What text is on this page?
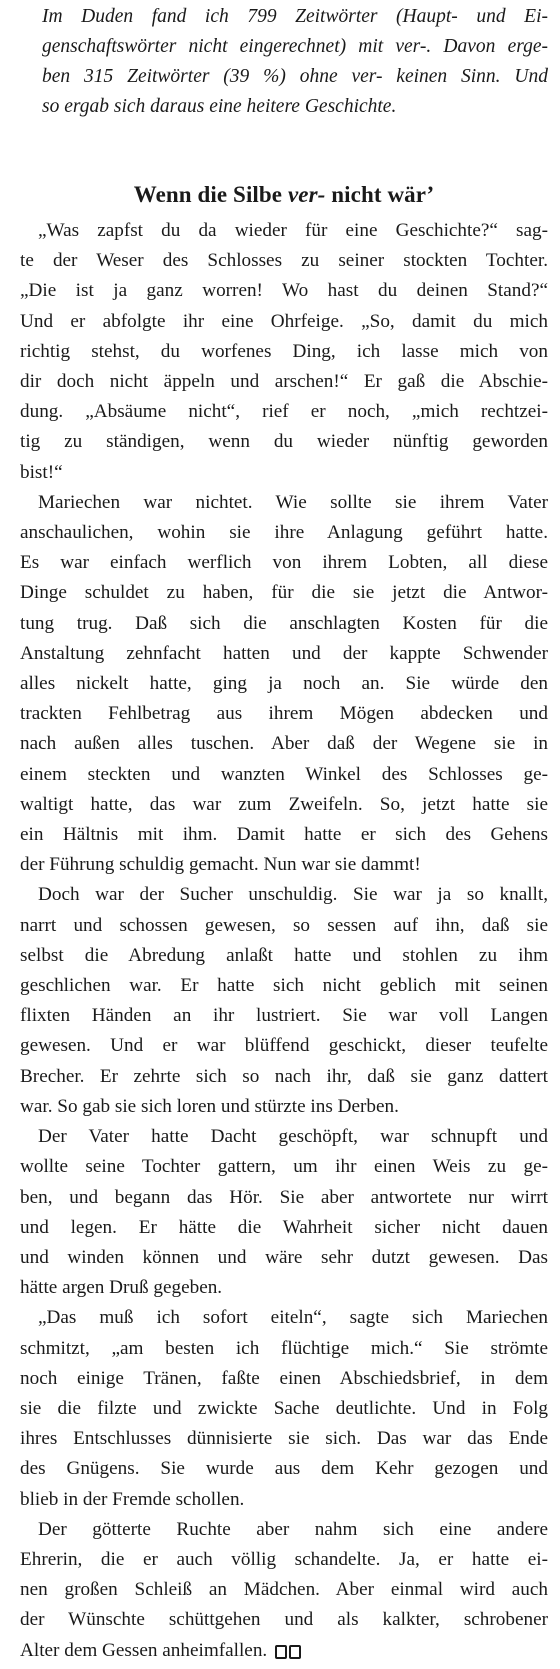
Im Duden fand ich 799 Zeitwörter (Haupt- und Ei-
genschaftswörter nicht eingerechnet) mit ver-. Davon erge-
ben 315 Zeitwörter (39 %) ohne ver- keinen Sinn. Und
so ergab sich daraus eine heitere Geschichte.
Wenn die Silbe ver- nicht wär’
„Was zapfst du da wieder für eine Geschichte?“ sag-
te der Weser des Schlosses zu seiner stockten Tochter.
„Die ist ja ganz worren! Wo hast du deinen Stand?“
Und er abfolgte ihr eine Ohrfeige. „So, damit du mich
richtig stehst, du worfenes Ding, ich lasse mich von
dir doch nicht äppeln und arschen!“ Er gaß die Abschie-
dung. „Absäume nicht“, rief er noch, „mich rechtzei-
tig zu ständigen, wenn du wieder nünftig geworden
bist!“
Mariechen war nichtet. Wie sollte sie ihrem Vater
anschaulichen, wohin sie ihre Anlagung geführt hatte.
Es war einfach werflich von ihrem Lobten, all diese
Dinge schuldet zu haben, für die sie jetzt die Antwor-
tung trug. Daß sich die anschlagten Kosten für die
Anstaltung zehnfacht hatten und der kappte Schwender
alles nickelt hatte, ging ja noch an. Sie würde den
trackten Fehlbetrag aus ihrem Mögen abdecken und
nach außen alles tuschen. Aber daß der Wegene sie in
einem steckten und wanzten Winkel des Schlosses ge-
waltigt hatte, das war zum Zweifeln. So, jetzt hatte sie
ein Hältnis mit ihm. Damit hatte er sich des Gehens
der Führung schuldig gemacht. Nun war sie dammt!
Doch war der Sucher unschuldig. Sie war ja so knallt,
narrt und schossen gewesen, so sessen auf ihn, daß sie
selbst die Abredung anlaßt hatte und stohlen zu ihm
geschlichen war. Er hatte sich nicht geblich mit seinen
flixten Händen an ihr lustriert. Sie war voll Langen
gewesen. Und er war blüffend geschickt, dieser teufelte
Brecher. Er zehrte sich so nach ihr, daß sie ganz dattert
war. So gab sie sich loren und stürzte ins Derben.
Der Vater hatte Dacht geschöpft, war schnupft und
wollte seine Tochter gattern, um ihr einen Weis zu ge-
ben, und begann das Hör. Sie aber antwortete nur wirrt
und legen. Er hätte die Wahrheit sicher nicht dauen
und winden können und wäre sehr dutzt gewesen. Das
hätte argen Druß gegeben.
„Das muß ich sofort eiteln“, sagte sich Mariechen
schmitzt, „am besten ich flüchtige mich.“ Sie strömte
noch einige Tränen, faßte einen Abschiedsbrief, in dem
sie die filzte und zwickte Sache deutlichte. Und in Folg
ihres Entschlusses dünnisierte sie sich. Das war das Ende
des Gnügens. Sie wurde aus dem Kehr gezogen und
blieb in der Fremde schollen.
Der götterte Ruchte aber nahm sich eine andere
Ehrerin, die er auch völlig schandelte. Ja, er hatte ei-
nen großen Schleiß an Mädchen. Aber einmal wird auch
der Wünschte schüttgehen und als kalkter, schrobener
Alter dem Gessen anheimfallen.
